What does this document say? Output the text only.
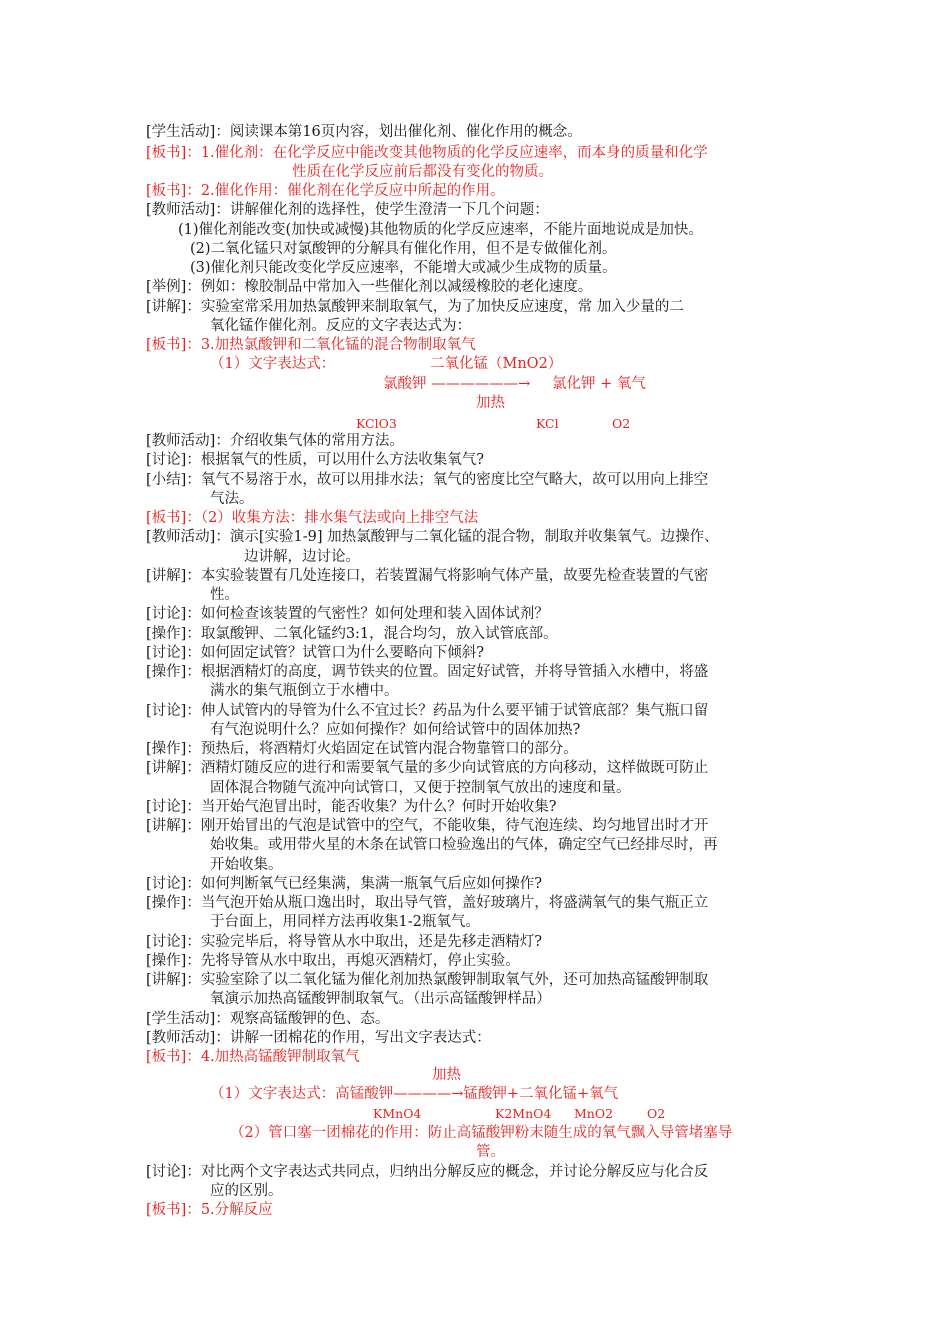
[学生活动]：阅读课本第16页内容，划出催化剂、催化作用的概念。
[板书]：1.催化剂：在化学反应中能改变其他物质的化学反应速率，而本身的质量和化学
性质在化学反应前后都没有变化的物质。
[板书]：2.催化作用：催化剂在化学反应中所起的作用。
[教师活动]：讲解催化剂的选择性，使学生澄清一下几个问题：
(1)催化剂能改变(加快或减慢)其他物质的化学反应速率，不能片面地说成是加快。
(2)二氧化锰只对氯酸钾的分解具有催化作用，但不是专做催化剂。
(3)催化剂只能改变化学反应速率，不能增大或减少生成物的质量。
[举例]：例如：橡胶制品中常加入一些催化剂以减缓橡胶的老化速度。
[讲解]：实验室常采用加热氯酸钾来制取氧气，为了加快反应速度，常 加入少量的二
氧化锰作催化剂。反应的文字表达式为：
[板书]：3.加热氯酸钾和二氧化锰的混合物制取氧气
（1）文字表达式：	二氧化锰（MnO2）
氯酸钾 ——————→ 氯化钾 + 氧气
加热
KClO3	KCl	O2
[教师活动]：介绍收集气体的常用方法。
[讨论]：根据氧气的性质，可以用什么方法收集氧气?
[小结]：氧气不易溶于水，故可以用排水法；氧气的密度比空气略大，故可以用向上排空
气法。
[板书]：（2）收集方法：排水集气法或向上排空气法
[教师活动]：演示[实验1-9] 加热氯酸钾与二氧化锰的混合物，制取并收集氧气。边操作、
边讲解，边讨论。
[讲解]：本实验装置有几处连接口，若装置漏气将影响气体产量，故要先检查装置的气密
性。
[讨论]：如何检查该装置的气密性？如何处理和装入固体试剂？
[操作]：取氯酸钾、二氧化锰约3:1，混合均匀，放入试管底部。
[讨论]：如何固定试管？试管口为什么要略向下倾斜?
[操作]：根据酒精灯的高度，调节铁夹的位置。固定好试管，并将导管插入水槽中，将盛
满水的集气瓶倒立于水槽中。
[讨论]：伸人试管内的导管为什么不宜过长？药品为什么要平铺于试管底部？集气瓶口留
有气泡说明什么？应如何操作？如何给试管中的固体加热?
[操作]：预热后，将酒精灯火焰固定在试管内混合物靠管口的部分。
[讲解]：酒精灯随反应的进行和需要氧气量的多少向试管底的方向移动，这样做既可防止
固体混合物随气流冲向试管口，又便于控制氧气放出的速度和量。
[讨论]：当开始气泡冒出时，能否收集？为什么？何时开始收集?
[讲解]：刚开始冒出的气泡是试管中的空气，不能收集，待气泡连续、均匀地冒出时才开
始收集。或用带火星的木条在试管口检验逸出的气体，确定空气已经排尽时，再
开始收集。
[讨论]：如何判断氧气已经集满，集满一瓶氧气后应如何操作?
[操作]：当气泡开始从瓶口逸出时，取出导气管，盖好玻璃片，将盛满氧气的集气瓶正立
于台面上，用同样方法再收集1-2瓶氧气。
[讨论]：实验完毕后，将导管从水中取出，还是先移走酒精灯?
[操作]：先将导管从水中取出，再熄灭酒精灯，停止实验。
[讲解]：实验室除了以二氧化锰为催化剂加热氯酸钾制取氧气外，还可加热高锰酸钾制取
氧演示加热高锰酸钾制取氧气。（出示高锰酸钾样品）
[学生活动]：观察高锰酸钾的色、态。
[教师活动]：讲解一团棉花的作用，写出文字表达式：
[板书]：4.加热高锰酸钾制取氧气
加热
（1）文字表达式：高锰酸钾————→锰酸钾+二氧化锰+氧气
KMnO4	K2MnO4 MnO2	O2
（2）管口塞一团棉花的作用：防止高锰酸钾粉末随生成的氧气飘入导管堵塞导
管。
[讨论]：对比两个文字表达式共同点，归纳出分解反应的概念，并讨论分解反应与化合反
应的区别。
[板书]：5.分解反应
